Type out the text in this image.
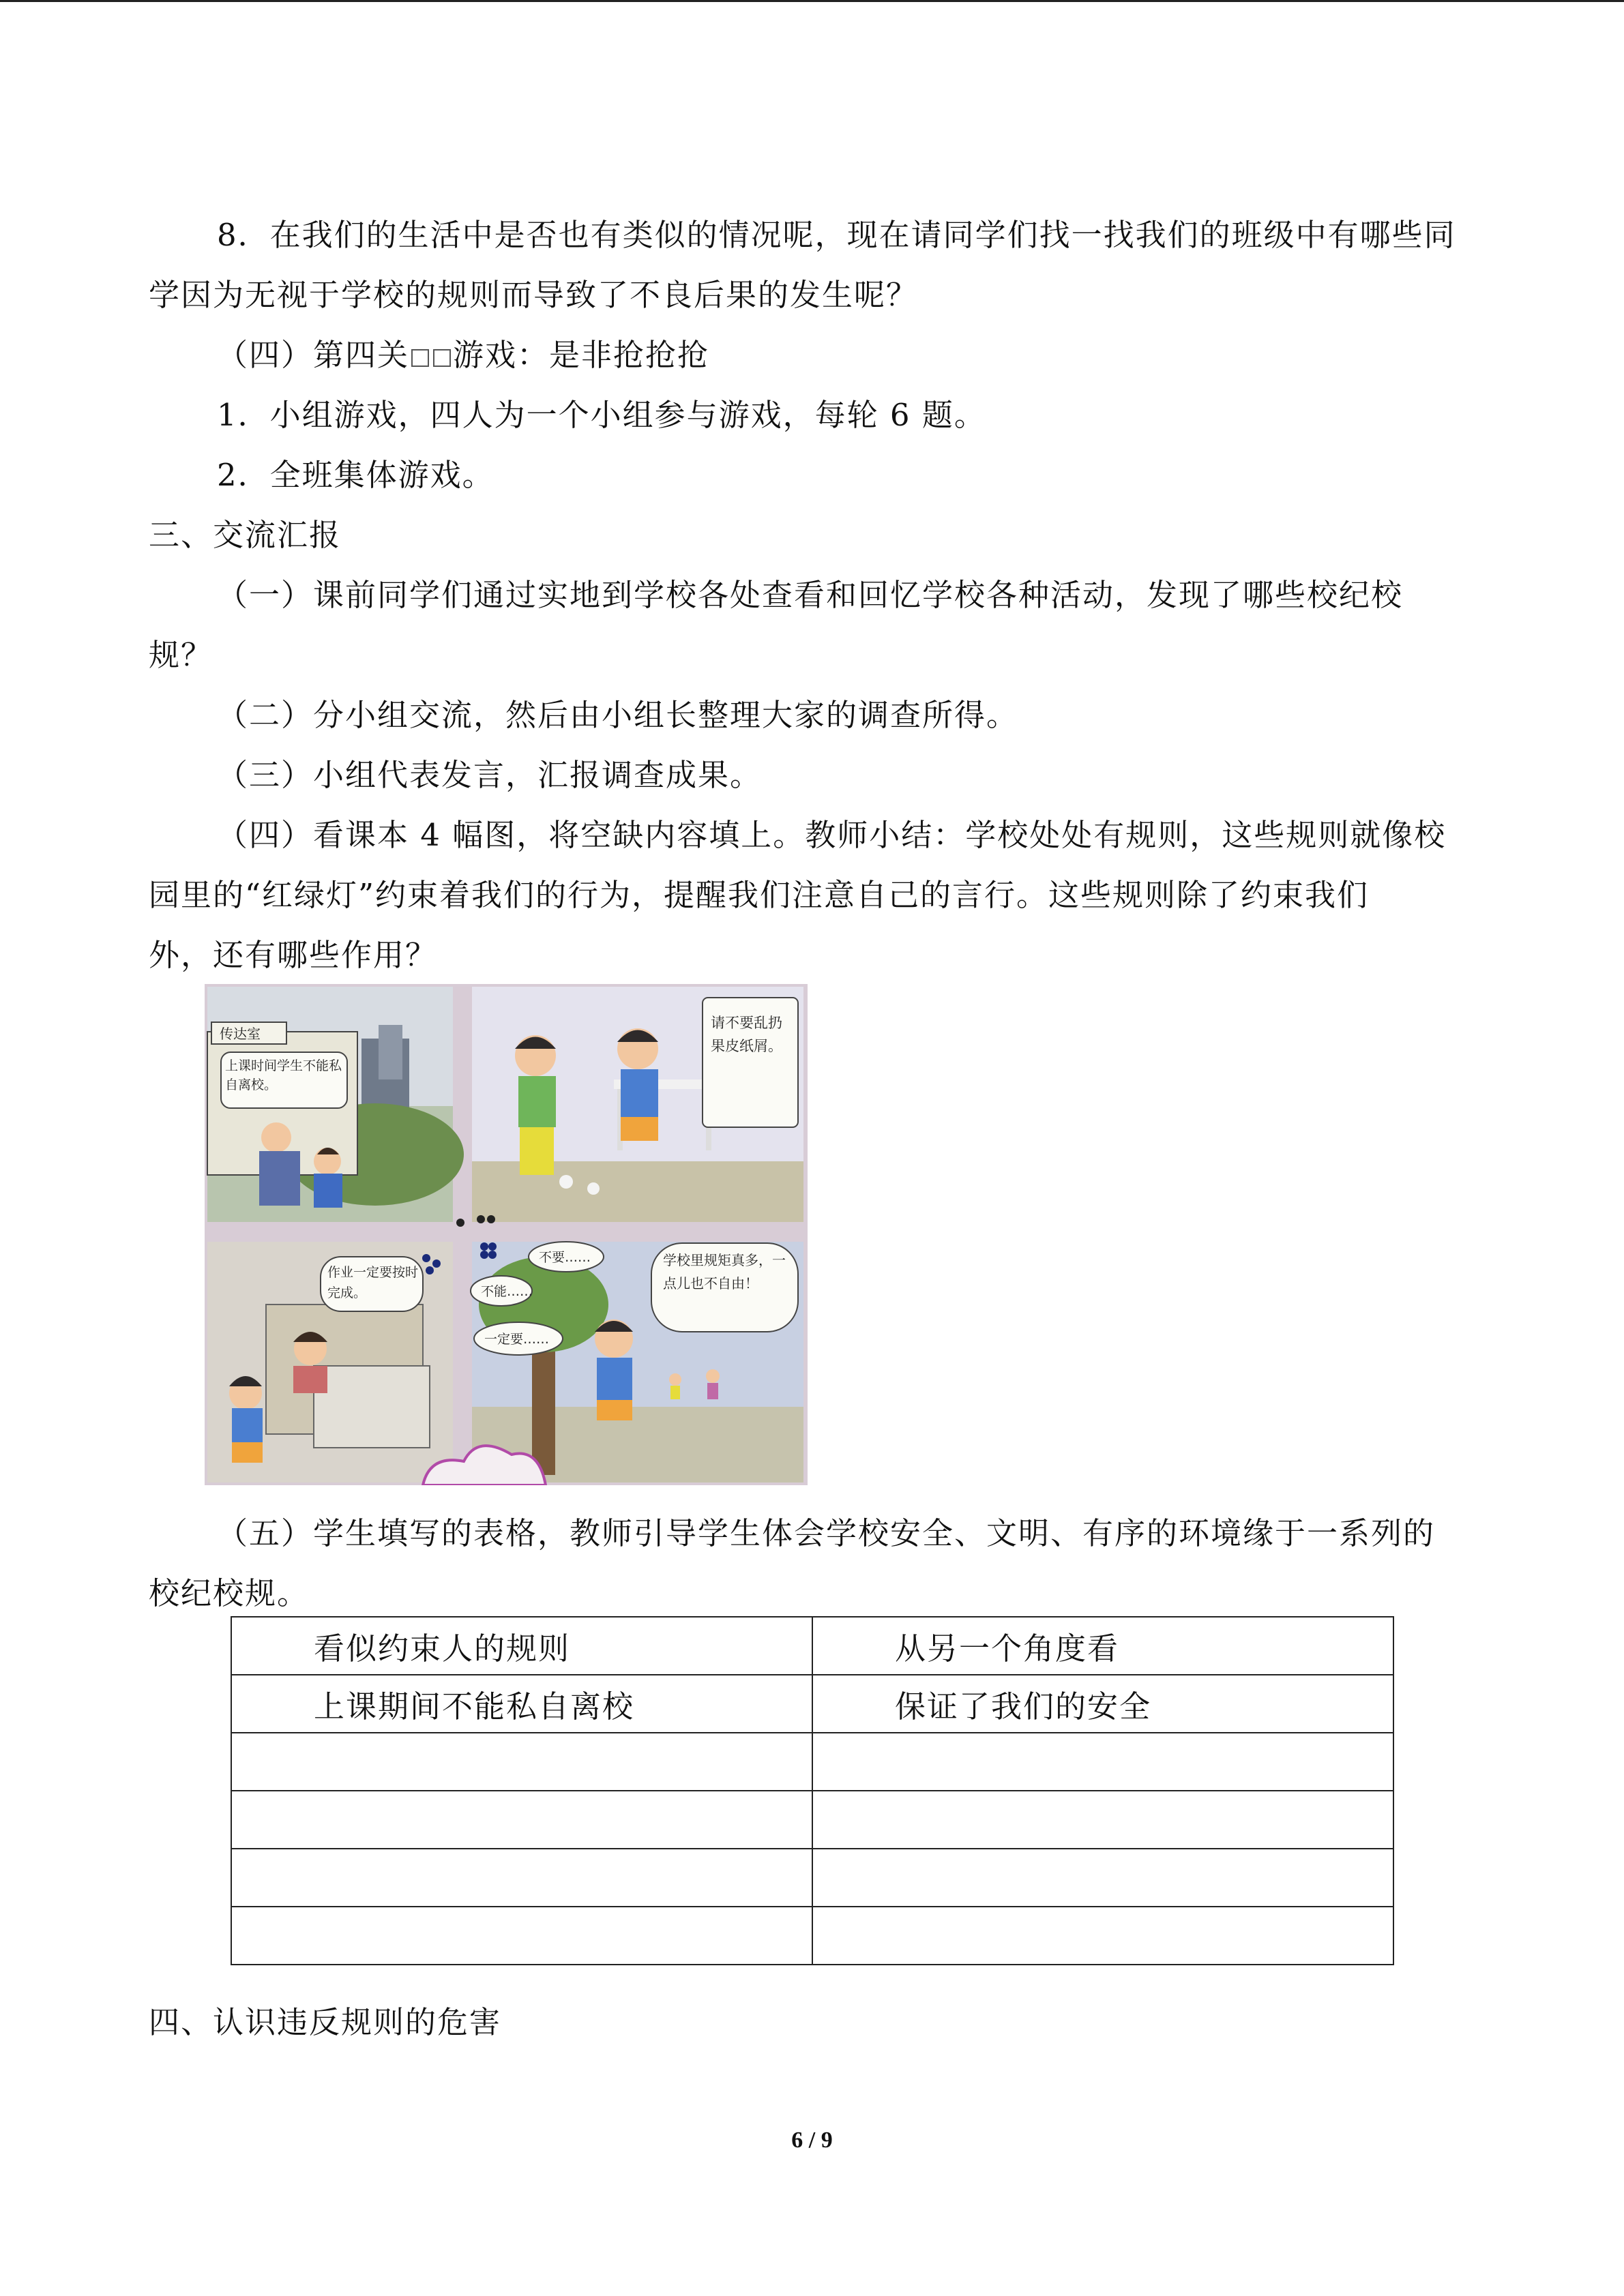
8．在我们的生活中是否也有类似的情况呢，现在请同学们找一找我们的班级中有哪些同
学因为无视于学校的规则而导致了不良后果的发生呢？
（四）第四关 游戏：是非抢抢抢
1．小组游戏，四人为一个小组参与游戏，每轮 6 题。
2．全班集体游戏。
三、交流汇报
（一）课前同学们通过实地到学校各处查看和回忆学校各种活动，发现了哪些校纪校
规？
（二）分小组交流，然后由小组长整理大家的调查所得。
（三）小组代表发言，汇报调查成果。
（四）看课本 4 幅图，将空缺内容填上。教师小结：学校处处有规则，这些规则就像校
园里的“红绿灯”约束着我们的行为，提醒我们注意自己的言行。这些规则除了约束我们
外，还有哪些作用？
传达室
上课时间学生不能私自离校。
请不要乱扔果皮纸屑。
作业一定要按时完成。
不要……
不能……
一定要……
学校里规矩真多，一点儿也不自由！
（五）学生填写的表格，教师引导学生体会学校安全、文明、有序的环境缘于一系列的
校纪校规。
看似约束人的规则	从另一个角度看
上课期间不能私自离校	保证了我们的安全

四、认识违反规则的危害
6 / 9
